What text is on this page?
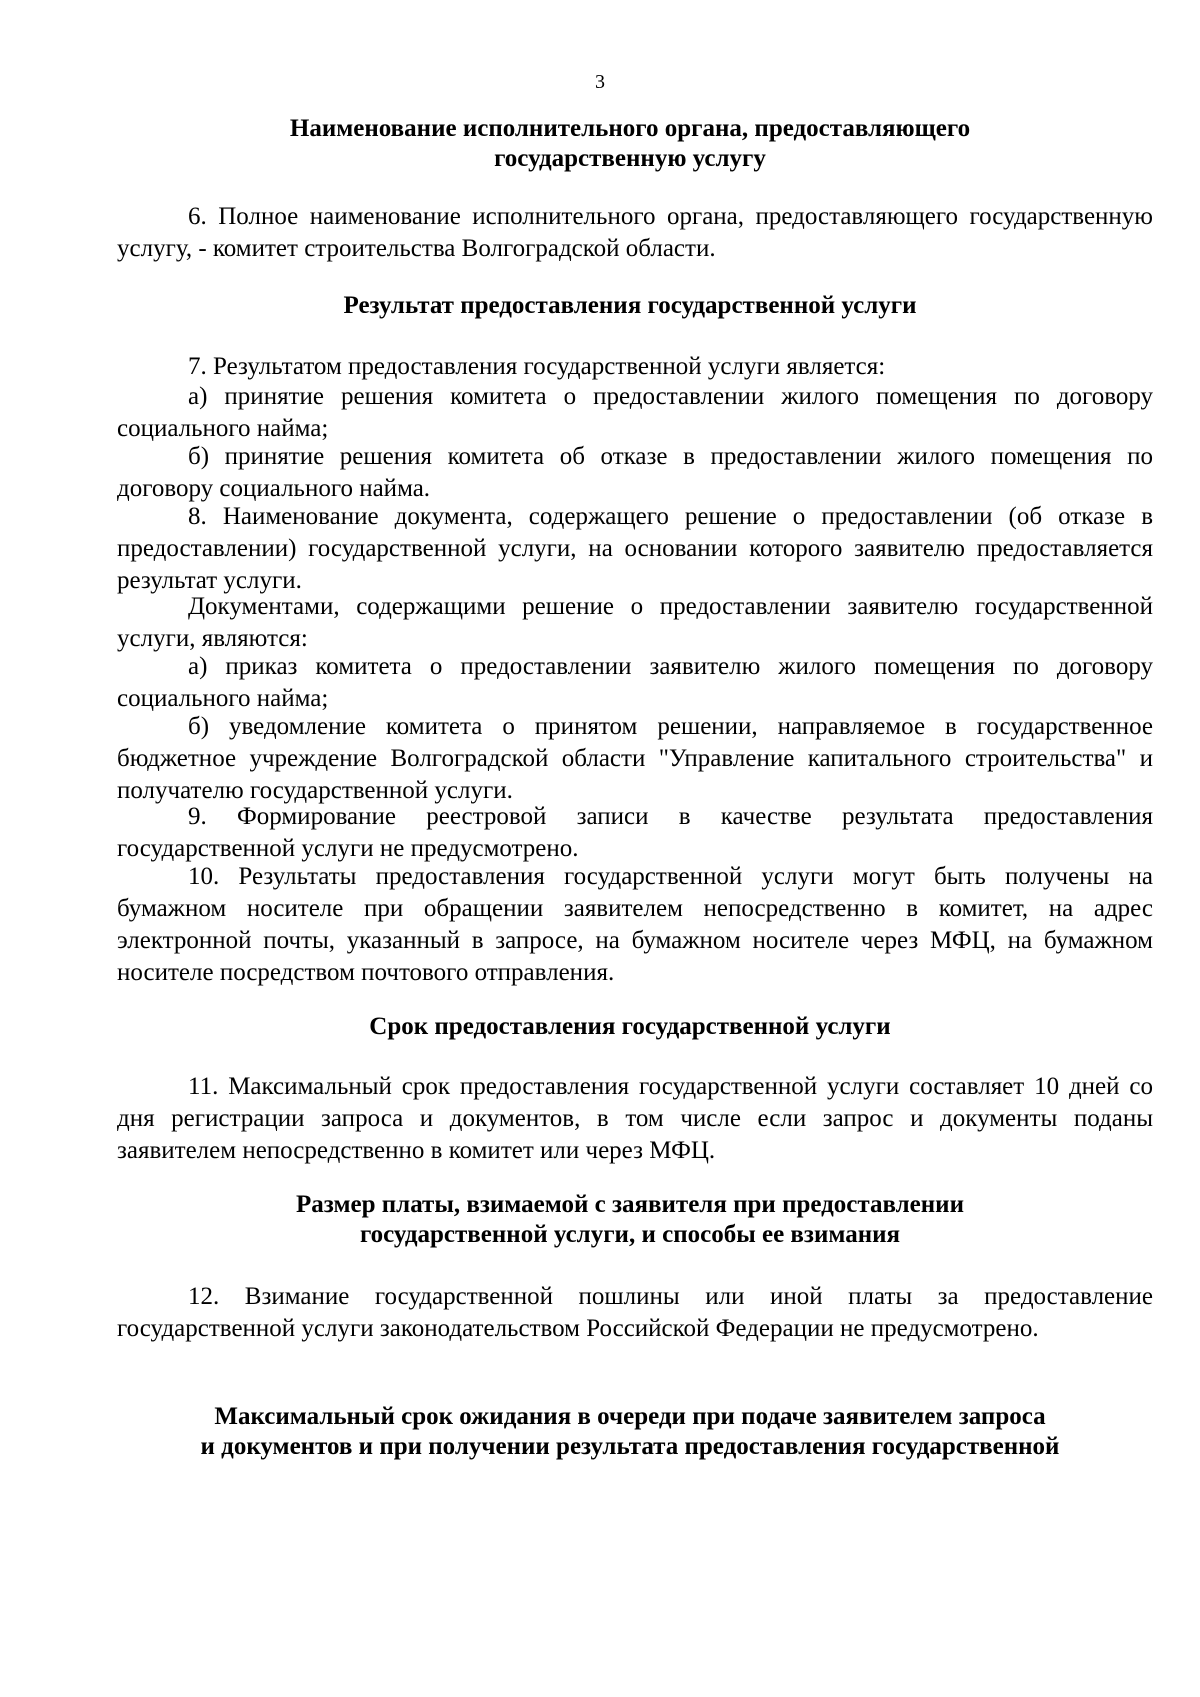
3
Наименование исполнительного органа, предоставляющего
государственную услугу
6. Полное наименование исполнительного органа, предоставляющего государственную услугу, - комитет строительства Волгоградской области.
Результат предоставления государственной услуги
7. Результатом предоставления государственной услуги является:
а) принятие решения комитета о предоставлении жилого помещения по договору социального найма;
б) принятие решения комитета об отказе в предоставлении жилого помещения по договору социального найма.
8. Наименование документа, содержащего решение о предоставлении (об отказе в предоставлении) государственной услуги, на основании которого заявителю предоставляется результат услуги.
Документами, содержащими решение о предоставлении заявителю государственной услуги, являются:
а) приказ комитета о предоставлении заявителю жилого помещения по договору социального найма;
б) уведомление комитета о принятом решении, направляемое в государственное бюджетное учреждение Волгоградской области "Управление капитального строительства" и получателю государственной услуги.
9. Формирование реестровой записи в качестве результата предоставления государственной услуги не предусмотрено.
10. Результаты предоставления государственной услуги могут быть получены на бумажном носителе при обращении заявителем непосредственно в комитет, на адрес электронной почты, указанный в запросе, на бумажном носителе через МФЦ, на бумажном носителе посредством почтового отправления.
Срок предоставления государственной услуги
11. Максимальный срок предоставления государственной услуги составляет 10 дней со дня регистрации запроса и документов, в том числе если запрос и документы поданы заявителем непосредственно в комитет или через МФЦ.
Размер платы, взимаемой с заявителя при предоставлении
государственной услуги, и способы ее взимания
12. Взимание государственной пошлины или иной платы за предоставление государственной услуги законодательством Российской Федерации не предусмотрено.
Максимальный срок ожидания в очереди при подаче заявителем запроса
и документов и при получении результата предоставления государственной
